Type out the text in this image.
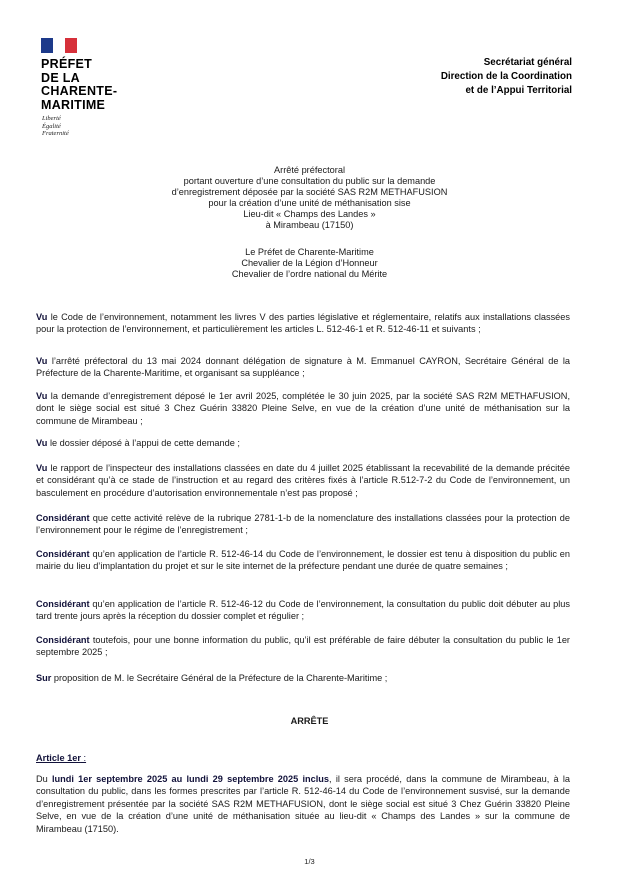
PRÉFET
DE LA
CHARENTE-
MARITIME
Liberté
Égalité
Fraternité
Secrétariat général
Direction de la Coordination
et de l’Appui Territorial
Arrêté préfectoral
portant ouverture d’une consultation du public sur la demande
d’enregistrement déposée par la société SAS R2M METHAFUSION
pour la création d’une unité de méthanisation sise
Lieu-dit « Champs des Landes »
à Mirambeau (17150)
Le Préfet de Charente-Maritime
Chevalier de la Légion d’Honneur
Chevalier de l’ordre national du Mérite

Vu le Code de l’environnement, notamment les livres V des parties législative et réglementaire, relatifs aux installations classées pour la protection de l’environnement, et particulièrement les articles L. 512-46-1 et R. 512-46-11 et suivants ;

Vu l’arrêté préfectoral du 13 mai 2024 donnant délégation de signature à M. Emmanuel CAYRON, Secrétaire Général de la Préfecture de la Charente-Maritime, et organisant sa suppléance ;

Vu la demande d’enregistrement déposé le 1er avril 2025, complétée le 30 juin 2025, par la société SAS R2M METHAFUSION, dont le siège social est situé 3 Chez Guérin 33820 Pleine Selve, en vue de la création d’une unité de méthanisation sur la commune de Mirambeau ;

Vu le dossier déposé à l’appui de cette demande ;

Vu le rapport de l’inspecteur des installations classées en date du 4 juillet 2025 établissant la recevabilité de la demande précitée et considérant qu’à ce stade de l’instruction et au regard des critères fixés à l’article R.512-7-2 du Code de l’environnement, un basculement en procédure d’autorisation environnementale n’est pas proposé ;

Considérant que cette activité relève de la rubrique 2781-1-b de la nomenclature des installations classées pour la protection de l’environnement pour le régime de l’enregistrement ;

Considérant qu’en application de l’article R. 512-46-14 du Code de l’environnement, le dossier est tenu à disposition du public en mairie du lieu d’implantation du projet et sur le site internet de la préfecture pendant une durée de quatre semaines ;

Considérant qu’en application de l’article R. 512-46-12 du Code de l’environnement, la consultation du public doit débuter au plus tard trente jours après la réception du dossier complet et régulier ;

Considérant toutefois, pour une bonne information du public, qu’il est préférable de faire débuter la consultation du public le 1er septembre 2025 ;

Sur proposition de M. le Secrétaire Général de la Préfecture de la Charente-Maritime ;

ARRÊTE
Article 1er :

Du lundi 1er septembre 2025 au lundi 29 septembre 2025 inclus, il sera procédé, dans la commune de Mirambeau, à la consultation du public, dans les formes prescrites par l’article R. 512-46-14 du Code de l’environnement susvisé, sur la demande d’enregistrement présentée par la société SAS R2M METHAFUSION, dont le siège social est situé 3 Chez Guérin 33820 Pleine Selve, en vue de la création d’une unité de méthanisation située au lieu-dit « Champs des Landes » sur la commune de Mirambeau (17150).

1/3
